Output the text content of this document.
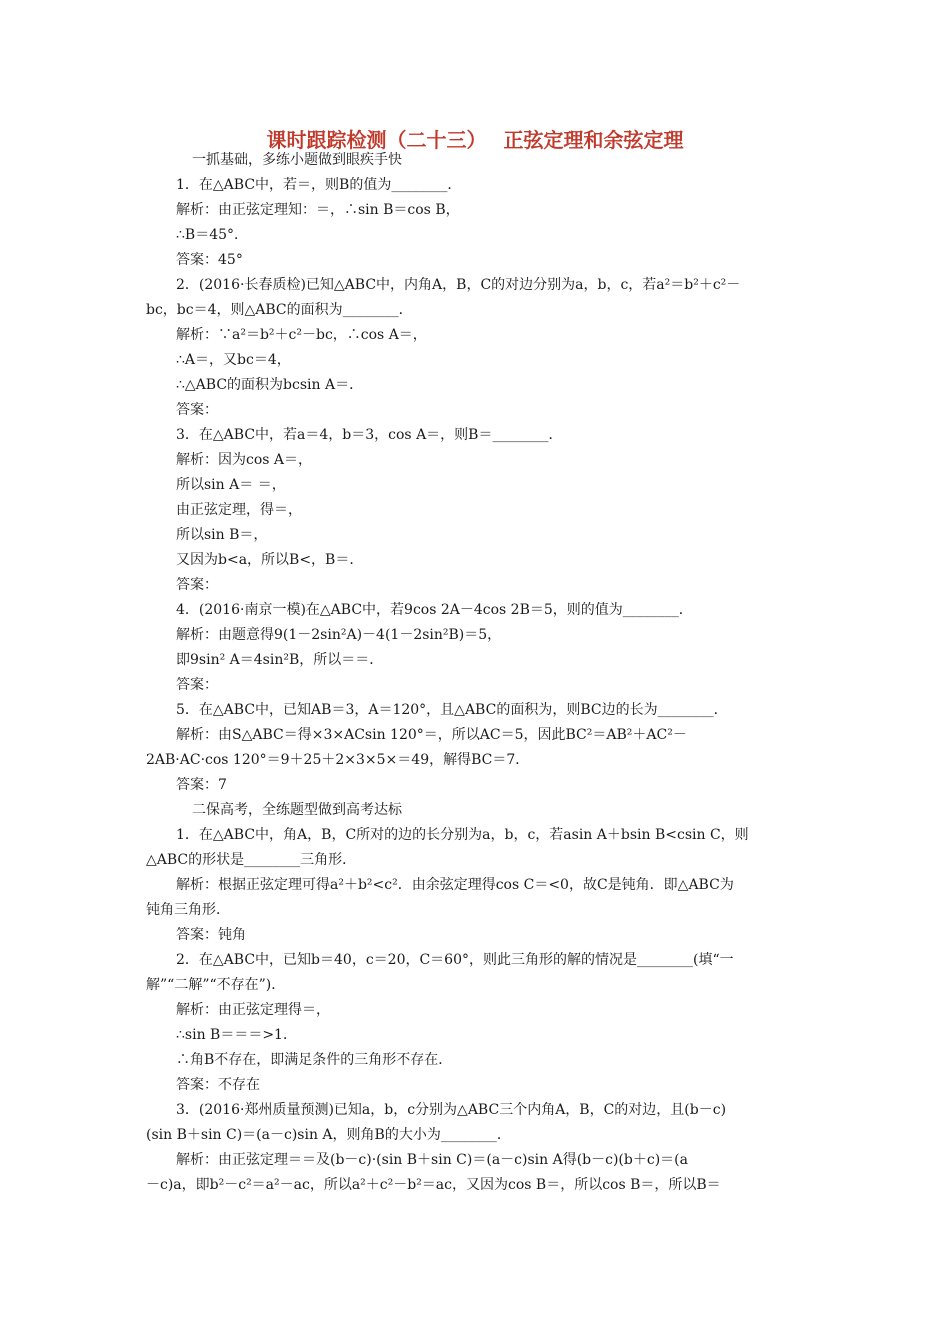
课时跟踪检测（二十三）　 正弦定理和余弦定理
一抓基础，多练小题做到眼疾手快
1．在△ABC中，若＝，则B的值为________．
解析：由正弦定理知：＝，∴sin B＝cos B，
∴B＝45°．
答案：45°
2．(2016·长春质检)已知△ABC中，内角A，B，C的对边分别为a，b，c，若a²＝b²＋c²－
bc，bc＝4，则△ABC的面积为________．
解析：∵a²＝b²＋c²－bc，∴cos A＝，
∴A＝，又bc＝4，
∴△ABC的面积为bcsin A＝．
答案：
3．在△ABC中，若a＝4，b＝3，cos A＝，则B＝________．
解析：因为cos A＝，
所以sin A＝ ＝，
由正弦定理，得＝，
所以sin B＝，
又因为b<a，所以B<，B＝．
答案：
4．(2016·南京一模)在△ABC中，若9cos 2A－4cos 2B＝5，则的值为________．
解析：由题意得9(1－2sin²A)－4(1－2sin²B)＝5，
即9sin² A＝4sin²B，所以＝＝．
答案：
5．在△ABC中，已知AB＝3，A＝120°，且△ABC的面积为，则BC边的长为________．
解析：由S△ABC＝得×3×ACsin 120°＝，所以AC＝5，因此BC²＝AB²＋AC²－
2AB·AC·cos 120°＝9＋25＋2×3×5×＝49，解得BC＝7．
答案：7
二保高考，全练题型做到高考达标
1．在△ABC中，角A，B，C所对的边的长分别为a，b，c，若asin A＋bsin B<csin C，则
△ABC的形状是________三角形．
解析：根据正弦定理可得a²＋b²<c²．由余弦定理得cos C＝<0，故C是钝角．即△ABC为
钝角三角形．
答案：钝角
2．在△ABC中，已知b＝40，c＝20，C＝60°，则此三角形的解的情况是________(填“一
解”“二解”“不存在”)．
解析：由正弦定理得＝，
∴sin B＝＝＝>1．
∴角B不存在，即满足条件的三角形不存在．
答案：不存在
3．(2016·郑州质量预测)已知a，b，c分别为△ABC三个内角A，B，C的对边，且(b－c)
(sin B＋sin C)＝(a－c)sin A，则角B的大小为________．
解析：由正弦定理＝＝及(b－c)·(sin B＋sin C)＝(a－c)sin A得(b－c)(b＋c)＝(a
－c)a，即b²－c²＝a²－ac，所以a²＋c²－b²＝ac，又因为cos B＝，所以cos B＝，所以B＝
